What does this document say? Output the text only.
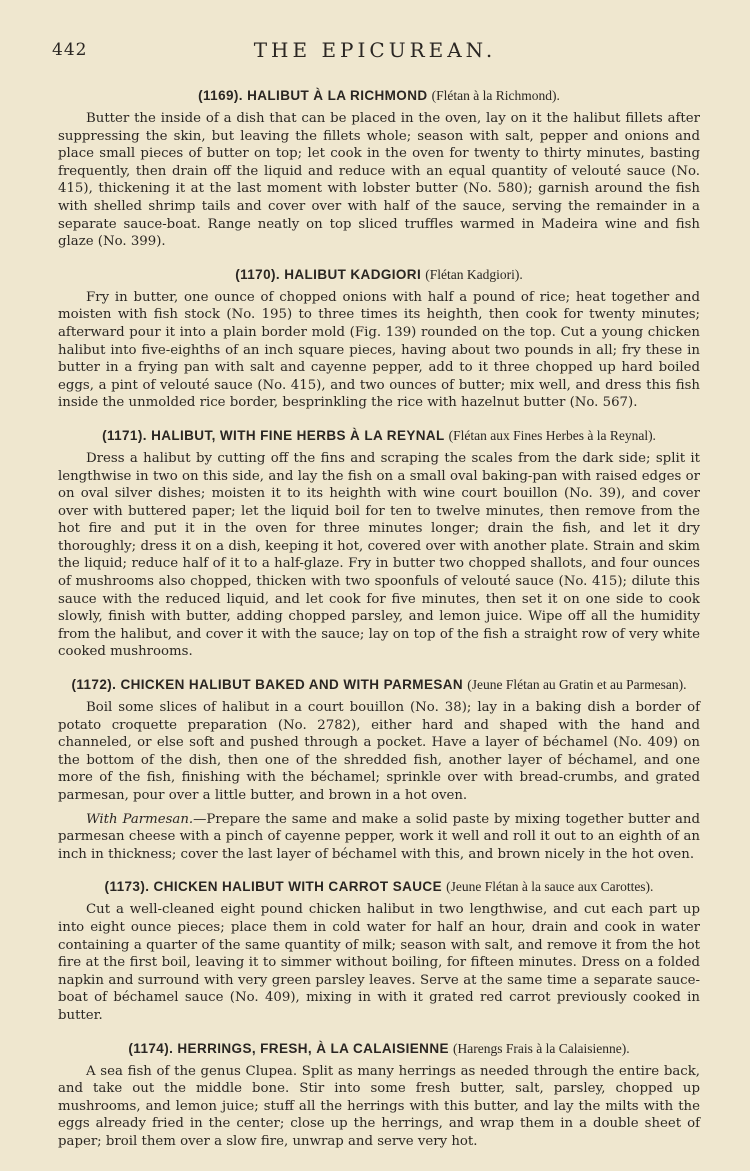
442	THE EPICUREAN.
(1169). HALIBUT À LA RICHMOND (Flétan à la Richmond).

Butter the inside of a dish that can be placed in the oven, lay on it the halibut fillets after suppressing the skin, but leaving the fillets whole; season with salt, pepper and onions and place small pieces of butter on top; let cook in the oven for twenty to thirty minutes, basting frequently, then drain off the liquid and reduce with an equal quantity of velouté sauce (No. 415), thickening it at the last moment with lobster butter (No. 580); garnish around the fish with shelled shrimp tails and cover over with half of the sauce, serving the remainder in a separate sauce-boat. Range neatly on top sliced truffles warmed in Madeira wine and fish glaze (No. 399).

(1170). HALIBUT KADGIORI (Flétan Kadgiori).

Fry in butter, one ounce of chopped onions with half a pound of rice; heat together and moisten with fish stock (No. 195) to three times its heighth, then cook for twenty minutes; afterward pour it into a plain border mold (Fig. 139) rounded on the top. Cut a young chicken halibut into five-eighths of an inch square pieces, having about two pounds in all; fry these in butter in a frying pan with salt and cayenne pepper, add to it three chopped up hard boiled eggs, a pint of velouté sauce (No. 415), and two ounces of butter; mix well, and dress this fish inside the unmolded rice border, besprinkling the rice with hazelnut butter (No. 567).

(1171). HALIBUT, WITH FINE HERBS À LA REYNAL (Flétan aux Fines Herbes à la Reynal).

Dress a halibut by cutting off the fins and scraping the scales from the dark side; split it lengthwise in two on this side, and lay the fish on a small oval baking-pan with raised edges or on oval silver dishes; moisten it to its heighth with wine court bouillon (No. 39), and cover over with buttered paper; let the liquid boil for ten to twelve minutes, then remove from the hot fire and put it in the oven for three minutes longer; drain the fish, and let it dry thoroughly; dress it on a dish, keeping it hot, covered over with another plate. Strain and skim the liquid; reduce half of it to a half-glaze. Fry in butter two chopped shallots, and four ounces of mushrooms also chopped, thicken with two spoonfuls of velouté sauce (No. 415); dilute this sauce with the reduced liquid, and let cook for five minutes, then set it on one side to cook slowly, finish with butter, adding chopped parsley, and lemon juice. Wipe off all the humidity from the halibut, and cover it with the sauce; lay on top of the fish a straight row of very white cooked mushrooms.

(1172). CHICKEN HALIBUT BAKED AND WITH PARMESAN (Jeune Flétan au Gratin et au Parmesan).

Boil some slices of halibut in a court bouillon (No. 38); lay in a baking dish a border of potato croquette preparation (No. 2782), either hard and shaped with the hand and channeled, or else soft and pushed through a pocket. Have a layer of béchamel (No. 409) on the bottom of the dish, then one of the shredded fish, another layer of béchamel, and one more of the fish, finishing with the béchamel; sprinkle over with bread-crumbs, and grated parmesan, pour over a little butter, and brown in a hot oven.

With Parmesan.—Prepare the same and make a solid paste by mixing together butter and parmesan cheese with a pinch of cayenne pepper, work it well and roll it out to an eighth of an inch in thickness; cover the last layer of béchamel with this, and brown nicely in the hot oven.

(1173). CHICKEN HALIBUT WITH CARROT SAUCE (Jeune Flétan à la sauce aux Carottes).

Cut a well-cleaned eight pound chicken halibut in two lengthwise, and cut each part up into eight ounce pieces; place them in cold water for half an hour, drain and cook in water containing a quarter of the same quantity of milk; season with salt, and remove it from the hot fire at the first boil, leaving it to simmer without boiling, for fifteen minutes. Dress on a folded napkin and surround with very green parsley leaves. Serve at the same time a separate sauce-boat of béchamel sauce (No. 409), mixing in with it grated red carrot previously cooked in butter.

(1174). HERRINGS, FRESH, À LA CALAISIENNE (Harengs Frais à la Calaisienne).

A sea fish of the genus Clupea. Split as many herrings as needed through the entire back, and take out the middle bone. Stir into some fresh butter, salt, parsley, chopped up mushrooms, and lemon juice; stuff all the herrings with this butter, and lay the milts with the eggs already fried in the center; close up the herrings, and wrap them in a double sheet of paper; broil them over a slow fire, unwrap and serve very hot.
